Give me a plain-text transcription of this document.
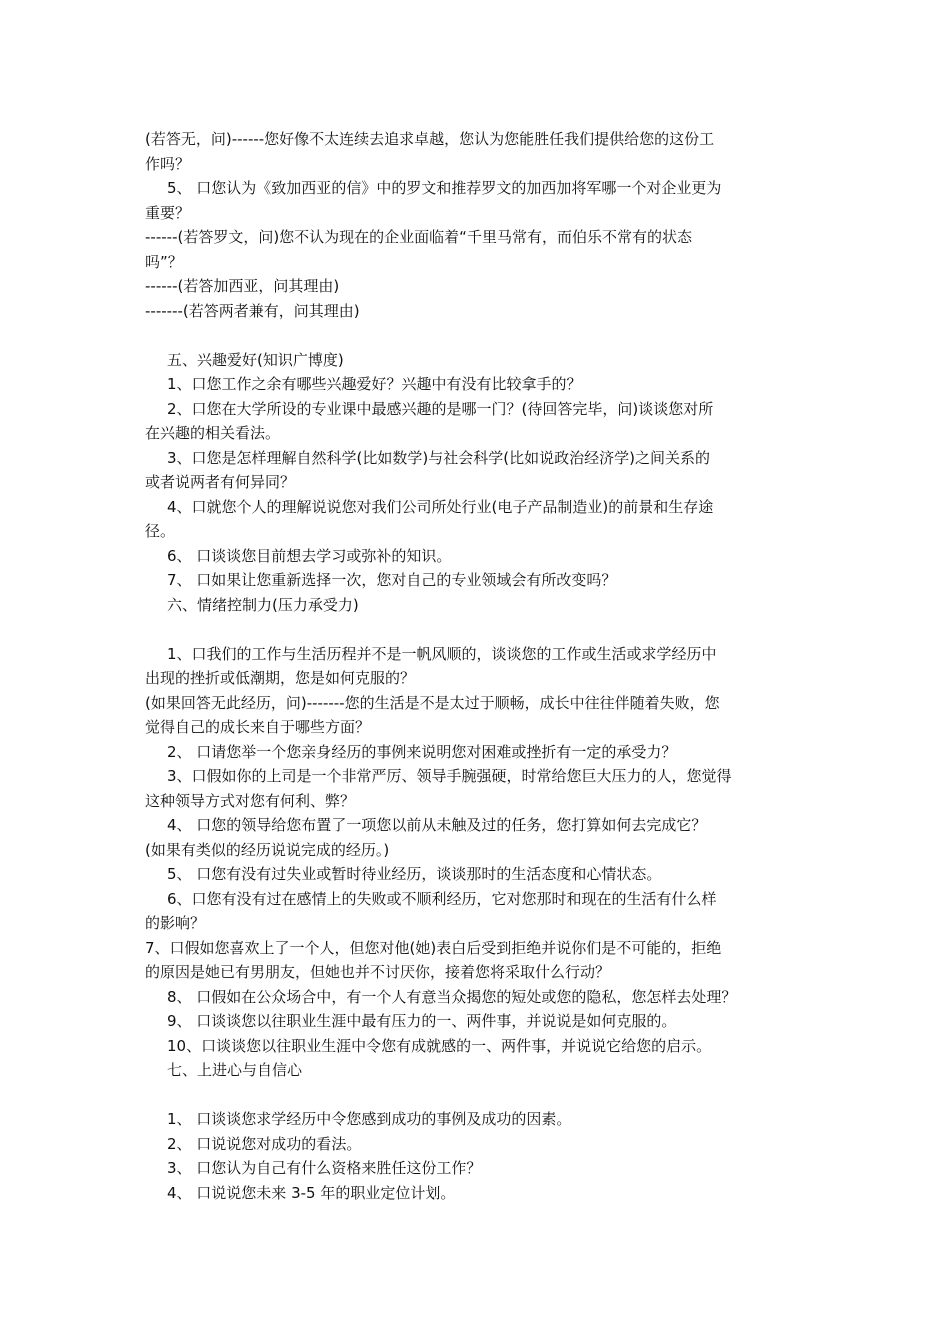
(若答无，问)------您好像不太连续去追求卓越，您认为您能胜任我们提供给您的这份工
作吗？
5、 口您认为《致加西亚的信》中的罗文和推荐罗文的加西加将军哪一个对企业更为
重要？
------(若答罗文，问)您不认为现在的企业面临着“千里马常有，而伯乐不常有的状态
吗”？
------(若答加西亚，问其理由)
-------(若答两者兼有，问其理由)
五、兴趣爱好(知识广博度)
1、口您工作之余有哪些兴趣爱好？兴趣中有没有比较拿手的？
2、口您在大学所设的专业课中最感兴趣的是哪一门？(待回答完毕，问)谈谈您对所
在兴趣的相关看法。
3、口您是怎样理解自然科学(比如数学)与社会科学(比如说政治经济学)之间关系的
或者说两者有何异同？
4、口就您个人的理解说说您对我们公司所处行业(电子产品制造业)的前景和生存途
径。
6、 口谈谈您目前想去学习或弥补的知识。
7、 口如果让您重新选择一次，您对自己的专业领域会有所改变吗？
六、情绪控制力(压力承受力)
1、口我们的工作与生活历程并不是一帆风顺的，谈谈您的工作或生活或求学经历中
出现的挫折或低潮期，您是如何克服的？
(如果回答无此经历，问)-------您的生活是不是太过于顺畅，成长中往往伴随着失败，您
觉得自己的成长来自于哪些方面？
2、 口请您举一个您亲身经历的事例来说明您对困难或挫折有一定的承受力？
3、口假如你的上司是一个非常严厉、领导手腕强硬，时常给您巨大压力的人，您觉得
这种领导方式对您有何利、弊？
4、 口您的领导给您布置了一项您以前从未触及过的任务，您打算如何去完成它？
(如果有类似的经历说说完成的经历。)
5、 口您有没有过失业或暂时待业经历，谈谈那时的生活态度和心情状态。
6、口您有没有过在感情上的失败或不顺利经历，它对您那时和现在的生活有什么样
的影响？
7、口假如您喜欢上了一个人，但您对他(她)表白后受到拒绝并说你们是不可能的，拒绝
的原因是她已有男朋友，但她也并不讨厌你，接着您将采取什么行动？
8、 口假如在公众场合中，有一个人有意当众揭您的短处或您的隐私，您怎样去处理？
9、 口谈谈您以往职业生涯中最有压力的一、两件事，并说说是如何克服的。
10、口谈谈您以往职业生涯中令您有成就感的一、两件事，并说说它给您的启示。
七、上进心与自信心
1、 口谈谈您求学经历中令您感到成功的事例及成功的因素。
2、 口说说您对成功的看法。
3、 口您认为自己有什么资格来胜任这份工作？
4、 口说说您未来 3-5 年的职业定位计划。
